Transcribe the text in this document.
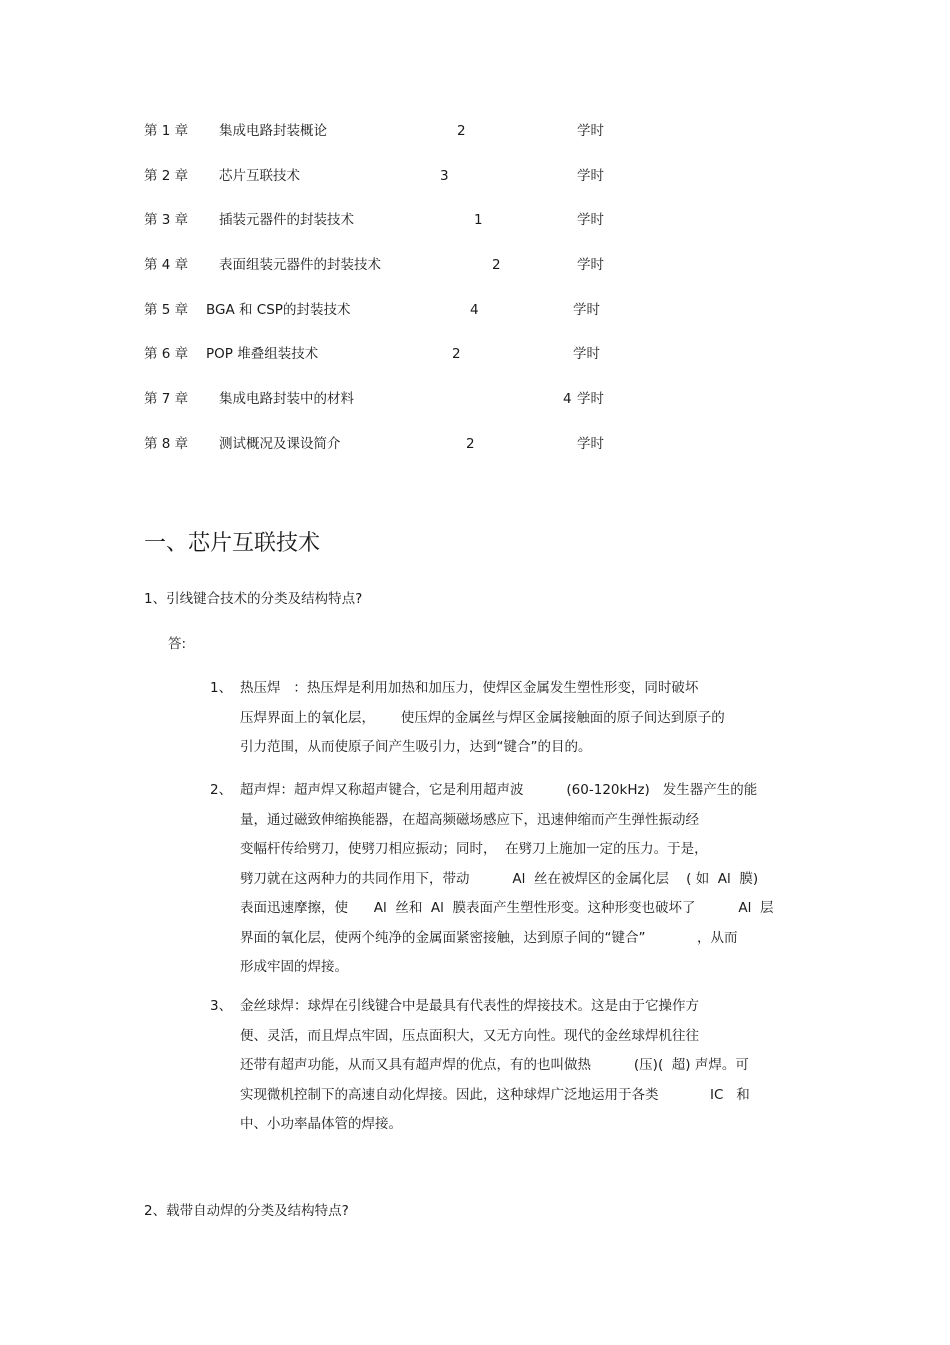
第 1 章 集成电路封装概论	2	学时
第 2 章 芯片互联技术	3	学时
第 3 章 插装元器件的封装技术	1	学时
第 4 章 表面组装元器件的封装技术	2	学时
第 5 章 BGA 和 CSP的封装技术	4	学时
第 6 章 POP 堆叠组装技术	2	学时
第 7 章 集成电路封装中的材料	4 学时
第 8 章 测试概况及课设简介	2	学时
一、芯片互联技术
1、引线键合技术的分类及结构特点?
答:
1、 热压焊   ：热压焊是利用加热和加压力，使焊区金属发生塑性形变，同时破坏
压焊界面上的氧化层，      使压焊的金属丝与焊区金属接触面的原子间达到原子的
引力范围，从而使原子间产生吸引力，达到“键合”的目的。
2、 超声焊：超声焊又称超声键合，它是利用超声波          (60-120kHz)   发生器产生的能
量，通过磁致伸缩换能器，在超高频磁场感应下，迅速伸缩而产生弹性振动经
变幅杆传给劈刀，使劈刀相应振动；同时，  在劈刀上施加一定的压力。于是，
劈刀就在这两种力的共同作用下，带动          Al  丝在被焊区的金属化层    ( 如  Al  膜)
表面迅速摩擦，使      Al  丝和  Al  膜表面产生塑性形变。这种形变也破坏了          Al  层
界面的氧化层，使两个纯净的金属面紧密接触，达到原子间的“键合”            ，从而
形成牢固的焊接。
3、 金丝球焊：球焊在引线键合中是最具有代表性的焊接技术。这是由于它操作方
便、灵活，而且焊点牢固，压点面积大，又无方向性。现代的金丝球焊机往往
还带有超声功能，从而又具有超声焊的优点，有的也叫做热          (压)(  超) 声焊。可
实现微机控制下的高速自动化焊接。因此，这种球焊广泛地运用于各类            IC   和
中、小功率晶体管的焊接。
2、载带自动焊的分类及结构特点?
